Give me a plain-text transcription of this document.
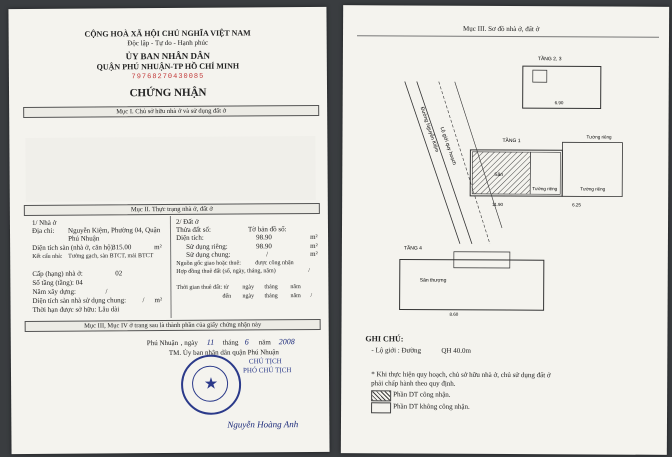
CỘNG HOÀ XÃ HỘI CHỦ NGHĨA VIỆT NAM
Độc lập - Tự do - Hạnh phúc
ỦY BAN NHÂN DÂN
QUẬN PHÚ NHUẬN-TP HỒ CHÍ MINH
79768270430085
CHỨNG NHẬN
Mục I. Chủ sở hữu nhà ở và sử dụng đất ở
Mục II. Thực trạng nhà ở, đất ở
1/ Nhà ở
Địa chỉ: Nguyễn Kiệm, Phường 04, Quận
Phú Nhuận
Diện tích sàn (nhà ở, căn hộ):
315.00	m²
Kết cấu nhà: Tường gạch, sàn BTCT, mái BTCT
Cấp (hạng) nhà ở:	02
Số tầng (tầng): 04
Năm xây dựng:	/
Diện tích sàn nhà sử dụng chung: / m²
Thời hạn được sở hữu: Lâu dài
2/ Đất ở
Thửa đất số:	Tờ bản đồ số:
Diện tích:	98.90	m²
Sử dụng riêng:	98.90	m²
Sử dụng chung:	/	m²
Nguồn gốc giao hoặc thuê: được công nhận
Hợp đồng thuê đất (số, ngày, tháng, năm)	/
Thời gian thuê đất: từ ngày tháng năm
đến ngày tháng năm /
Mục III, Mục IV ở trang sau là thành phần của giấy chứng nhận này
Phú Nhuận , ngày 11 tháng 6 năm 2008
TM. Ủy ban nhân dân quận Phú Nhuận
CHỦ TỊCH
PHÓ CHỦ TỊCH
★
Nguyễn Hoàng Anh
Mục III. Sơ đồ nhà ở, đất ở
TẦNG 2, 3
6.90
Đường Nguyễn Kiệm Lộ giới quy hoạch	TẦNG 1
Sân
Tường riêng
Tường riêng	Tường riêng
11.90	6.25
TẦNG 4
Sân thượng
8.60
GHI CHÚ:
- Lộ giới : Đường	QH 40.0m
* Khi thực hiện quy hoạch, chủ sở hữu nhà ở, chủ sử dụng đất ở
phải chấp hành theo quy định.
Phần DT công nhận.
Phần DT không công nhận.
